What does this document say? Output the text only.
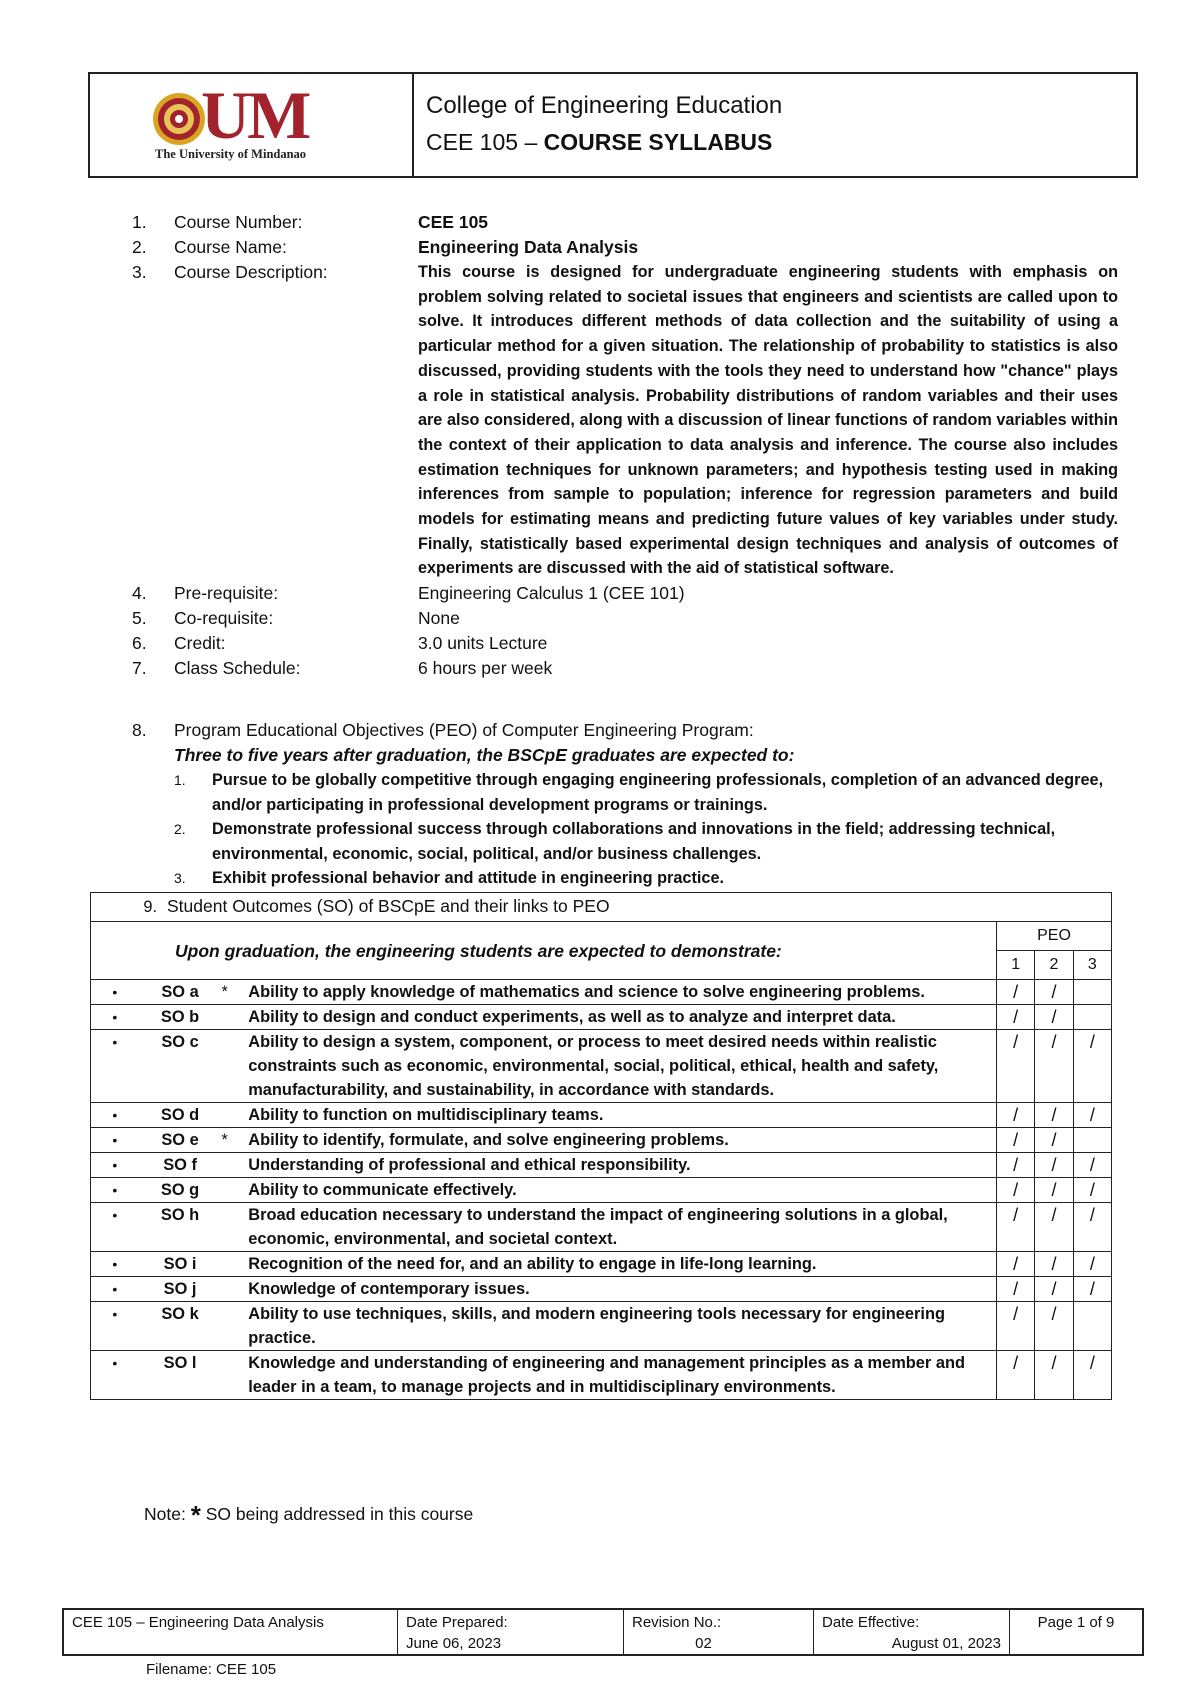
UM
The University of Mindanao
College of Engineering Education
CEE 105 – COURSE SYLLABUS
1.	Course Number:	CEE 105
2.	Course Name:	Engineering Data Analysis
3.	Course Description:	This course is designed for undergraduate engineering students with emphasis on problem solving related to societal issues that engineers and scientists are called upon to solve. It introduces different methods of data collection and the suitability of using a particular method for a given situation. The relationship of probability to statistics is also discussed, providing students with the tools they need to understand how "chance" plays a role in statistical analysis. Probability distributions of random variables and their uses are also considered, along with a discussion of linear functions of random variables within the context of their application to data analysis and inference. The course also includes estimation techniques for unknown parameters; and hypothesis testing used in making inferences from sample to population; inference for regression parameters and build models for estimating means and predicting future values of key variables under study. Finally, statistically based experimental design techniques and analysis of outcomes of experiments are discussed with the aid of statistical software.
4.	Pre-requisite:	Engineering Calculus 1 (CEE 101)
5.	Co-requisite:	None
6.	Credit:	3.0 units Lecture
7.	Class Schedule:	6 hours per week
8.	Program Educational Objectives (PEO) of Computer Engineering Program:
Three to five years after graduation, the BSCpE graduates are expected to:
1.	Pursue to be globally competitive through engaging engineering professionals, completion of an advanced degree, and/or participating in professional development programs or trainings.
2.	Demonstrate professional success through collaborations and innovations in the field; addressing technical, environmental, economic, social, political, and/or business challenges.
3.	Exhibit professional behavior and attitude in engineering practice.
9. Student Outcomes (SO) of BSCpE and their links to PEO						
Upon graduation, the engineering students are expected to demonstrate:				PEO		
				1	2	3
•	SO a	*	Ability to apply knowledge of mathematics and science to solve engineering problems.	/	/	
•	SO b		Ability to design and conduct experiments, as well as to analyze and interpret data.	/	/	
•	SO c		Ability to design a system, component, or process to meet desired needs within realistic constraints such as economic, environmental, social, political, ethical, health and safety, manufacturability, and sustainability, in accordance with standards.	/	/	/
•	SO d		Ability to function on multidisciplinary teams.	/	/	/
•	SO e	*	Ability to identify, formulate, and solve engineering problems.	/	/	
•	SO f		Understanding of professional and ethical responsibility.	/	/	/
•	SO g		Ability to communicate effectively.	/	/	/
•	SO h		Broad education necessary to understand the impact of engineering solutions in a global, economic, environmental, and societal context.	/	/	/
•	SO i		Recognition of the need for, and an ability to engage in life-long learning.	/	/	/
•	SO j		Knowledge of contemporary issues.	/	/	/
•	SO k		Ability to use techniques, skills, and modern engineering tools necessary for engineering practice.	/	/	
•	SO l		Knowledge and understanding of engineering and management principles as a member and leader in a team, to manage projects and in multidisciplinary environments.	/	/	/
Note: * SO being addressed in this course
CEE 105 – Engineering Data Analysis	Date Prepared:
June 06, 2023
Revision No.:
02
Date Effective:
August 01, 2023
Page 1 of 9
Filename: CEE 105
